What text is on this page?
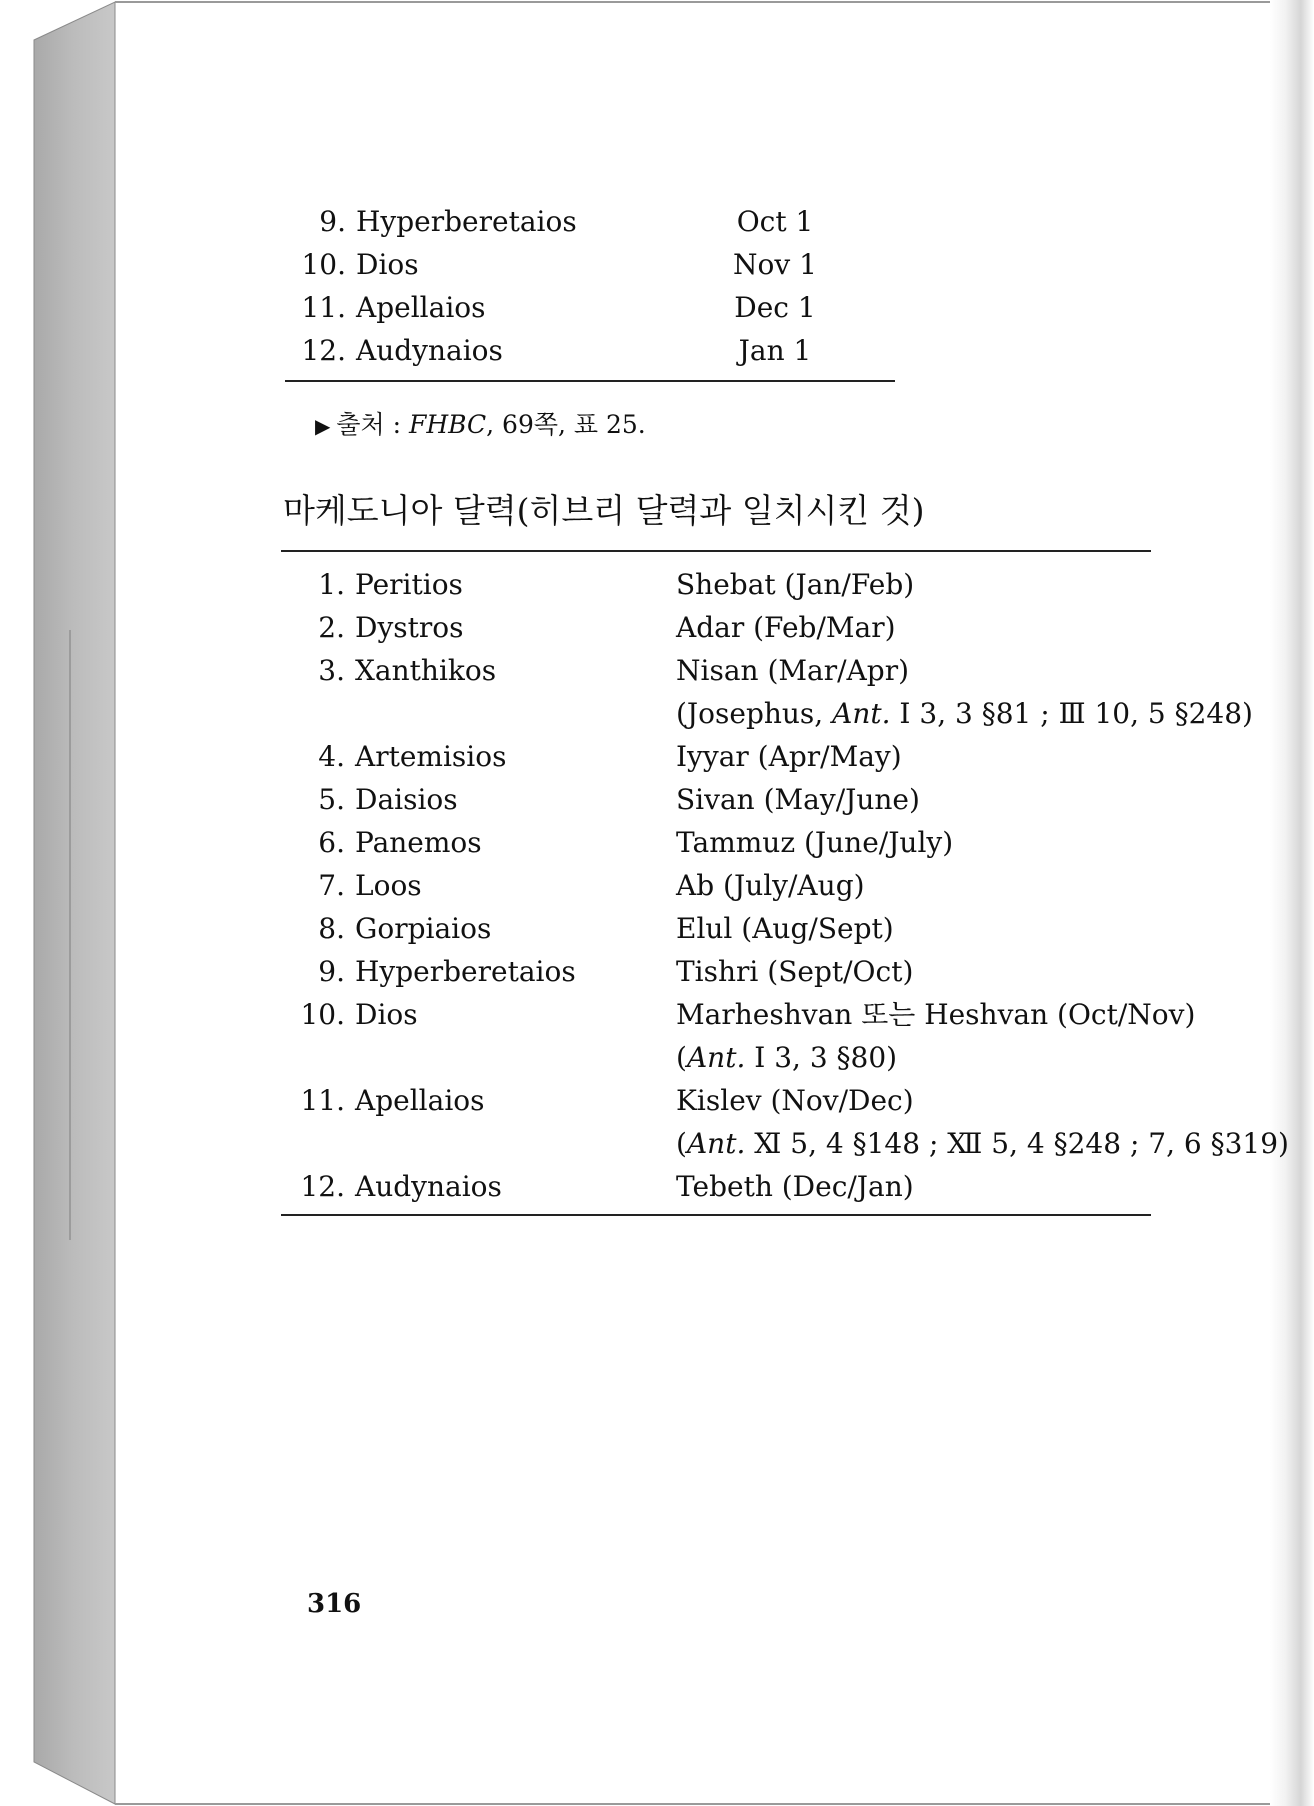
9. Hyperberetaios	Oct 1
10. Dios	Nov 1
11. Apellaios	Dec 1
12. Audynaios	Jan 1
▶ 출처 : FHBC, 69쪽, 표 25.
마케도니아 달력(히브리 달력과 일치시킨 것)
1. Peritios	Shebat (Jan/Feb)
2. Dystros	Adar (Feb/Mar)
3. Xanthikos	Nisan (Mar/Apr)
(Josephus, Ant. Ⅰ 3, 3 §81 ; Ⅲ 10, 5 §248)
4. Artemisios	Iyyar (Apr/May)
5. Daisios	Sivan (May/June)
6. Panemos	Tammuz (June/July)
7. Loos	Ab (July/Aug)
8. Gorpiaios	Elul (Aug/Sept)
9. Hyperberetaios	Tishri (Sept/Oct)
10. Dios	Marheshvan 또는 Heshvan (Oct/Nov)
(Ant. Ⅰ 3, 3 §80)
11. Apellaios	Kislev (Nov/Dec)
(Ant. Ⅺ 5, 4 §148 ; Ⅻ 5, 4 §248 ; 7, 6 §319)
12. Audynaios	Tebeth (Dec/Jan)
316
